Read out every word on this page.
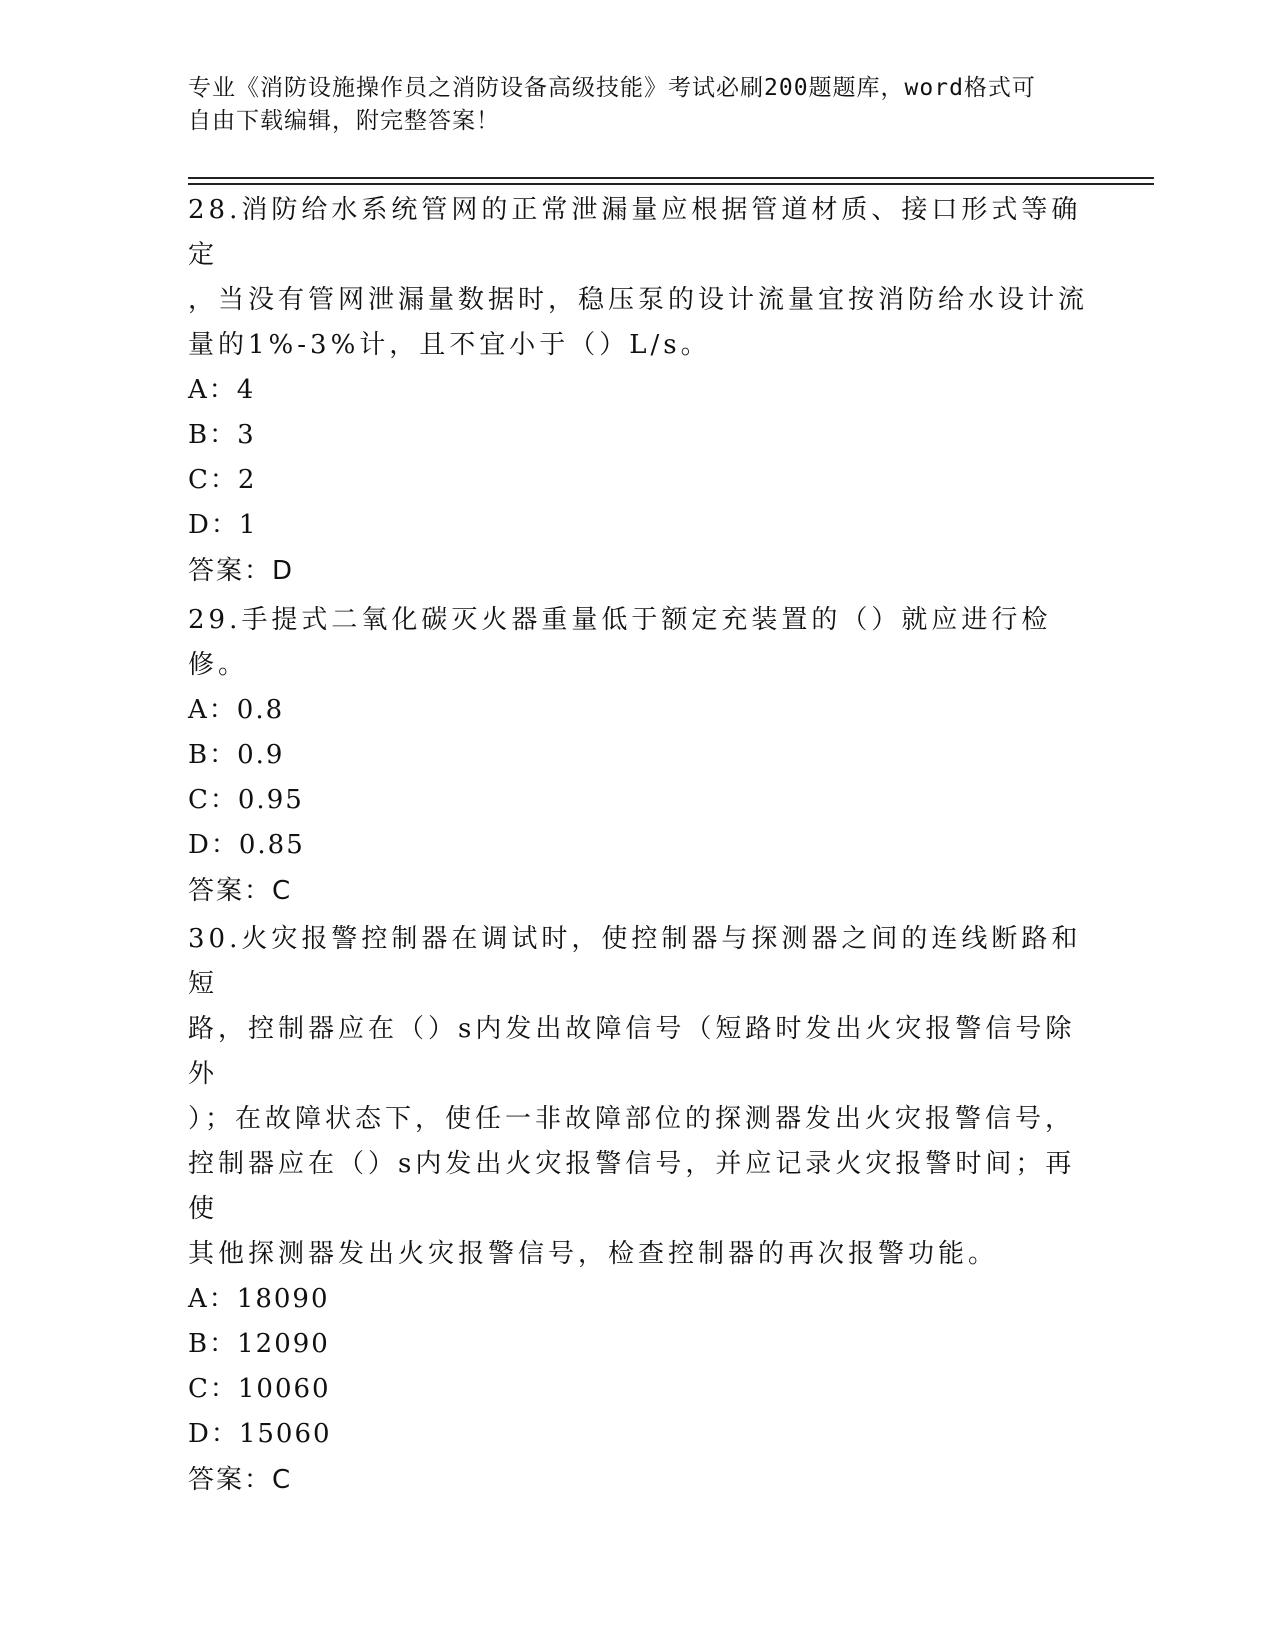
专业《消防设施操作员之消防设备高级技能》考试必刷200题题库，word格式可
自由下载编辑，附完整答案！

28.消防给水系统管网的正常泄漏量应根据管道材质、接口形式等确定

，当没有管网泄漏量数据时，稳压泵的设计流量宜按消防给水设计流

量的1%-3%计，且不宜小于（）L/s。

A：4

B：3

C：2

D：1

答案：D

29.手提式二氧化碳灭火器重量低于额定充装置的（）就应进行检修。

A：0.8

B：0.9

C：0.95

D：0.85

答案：C

30.火灾报警控制器在调试时，使控制器与探测器之间的连线断路和短

路，控制器应在（）s内发出故障信号（短路时发出火灾报警信号除外

）；在故障状态下，使任一非故障部位的探测器发出火灾报警信号，

控制器应在（）s内发出火灾报警信号，并应记录火灾报警时间；再使

其他探测器发出火灾报警信号，检查控制器的再次报警功能。

A：18090

B：12090

C：10060

D：15060

答案：C
